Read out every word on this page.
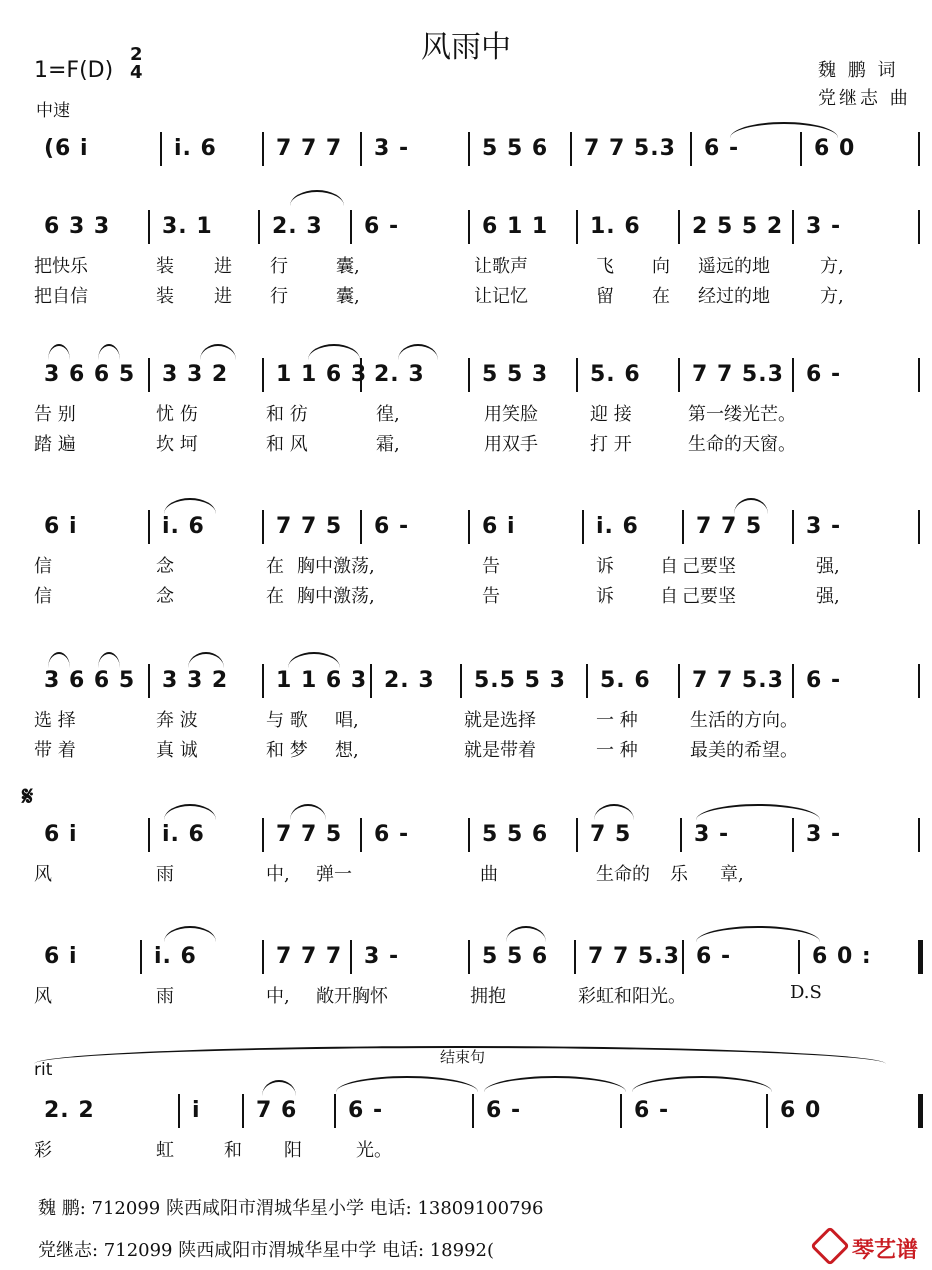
风雨中
1=F(D)
2
4
中速
魏 鹏 词
党继志 曲
(6 i	i. 6	7 7 7 3 -	5 5 6 7 7 5.3 6 -	6 0
6 3 3 3. 1	2. 3 6 -	6 1 1 1. 6 2 5 5 2 3 -
把快乐	装 进 行	囊,	让歌声	飞 向 遥远的地	方,
把自信	装 进 行	囊,	让记忆	留 在 经过的地	方,
3 6 6 5 3 3 2 1 1 6 3 2. 3	5 5 3 5. 6 7 7 5.3 6 -
告 别	忧 伤	和 彷	徨,	用笑脸	迎 接	第一缕光芒。
踏 遍	坎 坷	和 风	霜,	用双手	打 开	生命的天窗。
6 i	i. 6	7 7 5 6 -	6 i	i. 6	7 7 5 3 -
信	念	在 胸中激荡,	告	诉	自 己要坚	强,
信	念	在 胸中激荡,	告	诉	自 己要坚	强,
3 6 6 5 3 3 2 1 1 6 3 2. 3 5.5 5 3 5. 6 7 7 5.3 6 -
选 择	奔 波	与 歌 唱,	就是选择	一 种	生活的方向。
带 着	真 诚	和 梦 想,	就是带着	一 种	最美的希望。
6 i	i. 6	7 7 5 6 -	5 5 6 7 5	3 -	3 -
风	雨	中, 弹一	曲	生命的 乐 章,
6 i	i. 6	7 7 7 3 -	5 5 6 7 7 5.3 6 -	6 0 :
风	雨	中, 敞开胸怀	拥抱	彩虹和阳光。	D.S
2. 2	i	7 6 6 -	6 -	6 -	6 0
彩	虹	和 阳	光。
𝄋
rit
结束句
魏 鹏: 712099 陕西咸阳市渭城华星小学 电话: 13809100796
党继志: 712099 陕西咸阳市渭城华星中学 电话: 18992(	琴艺谱
